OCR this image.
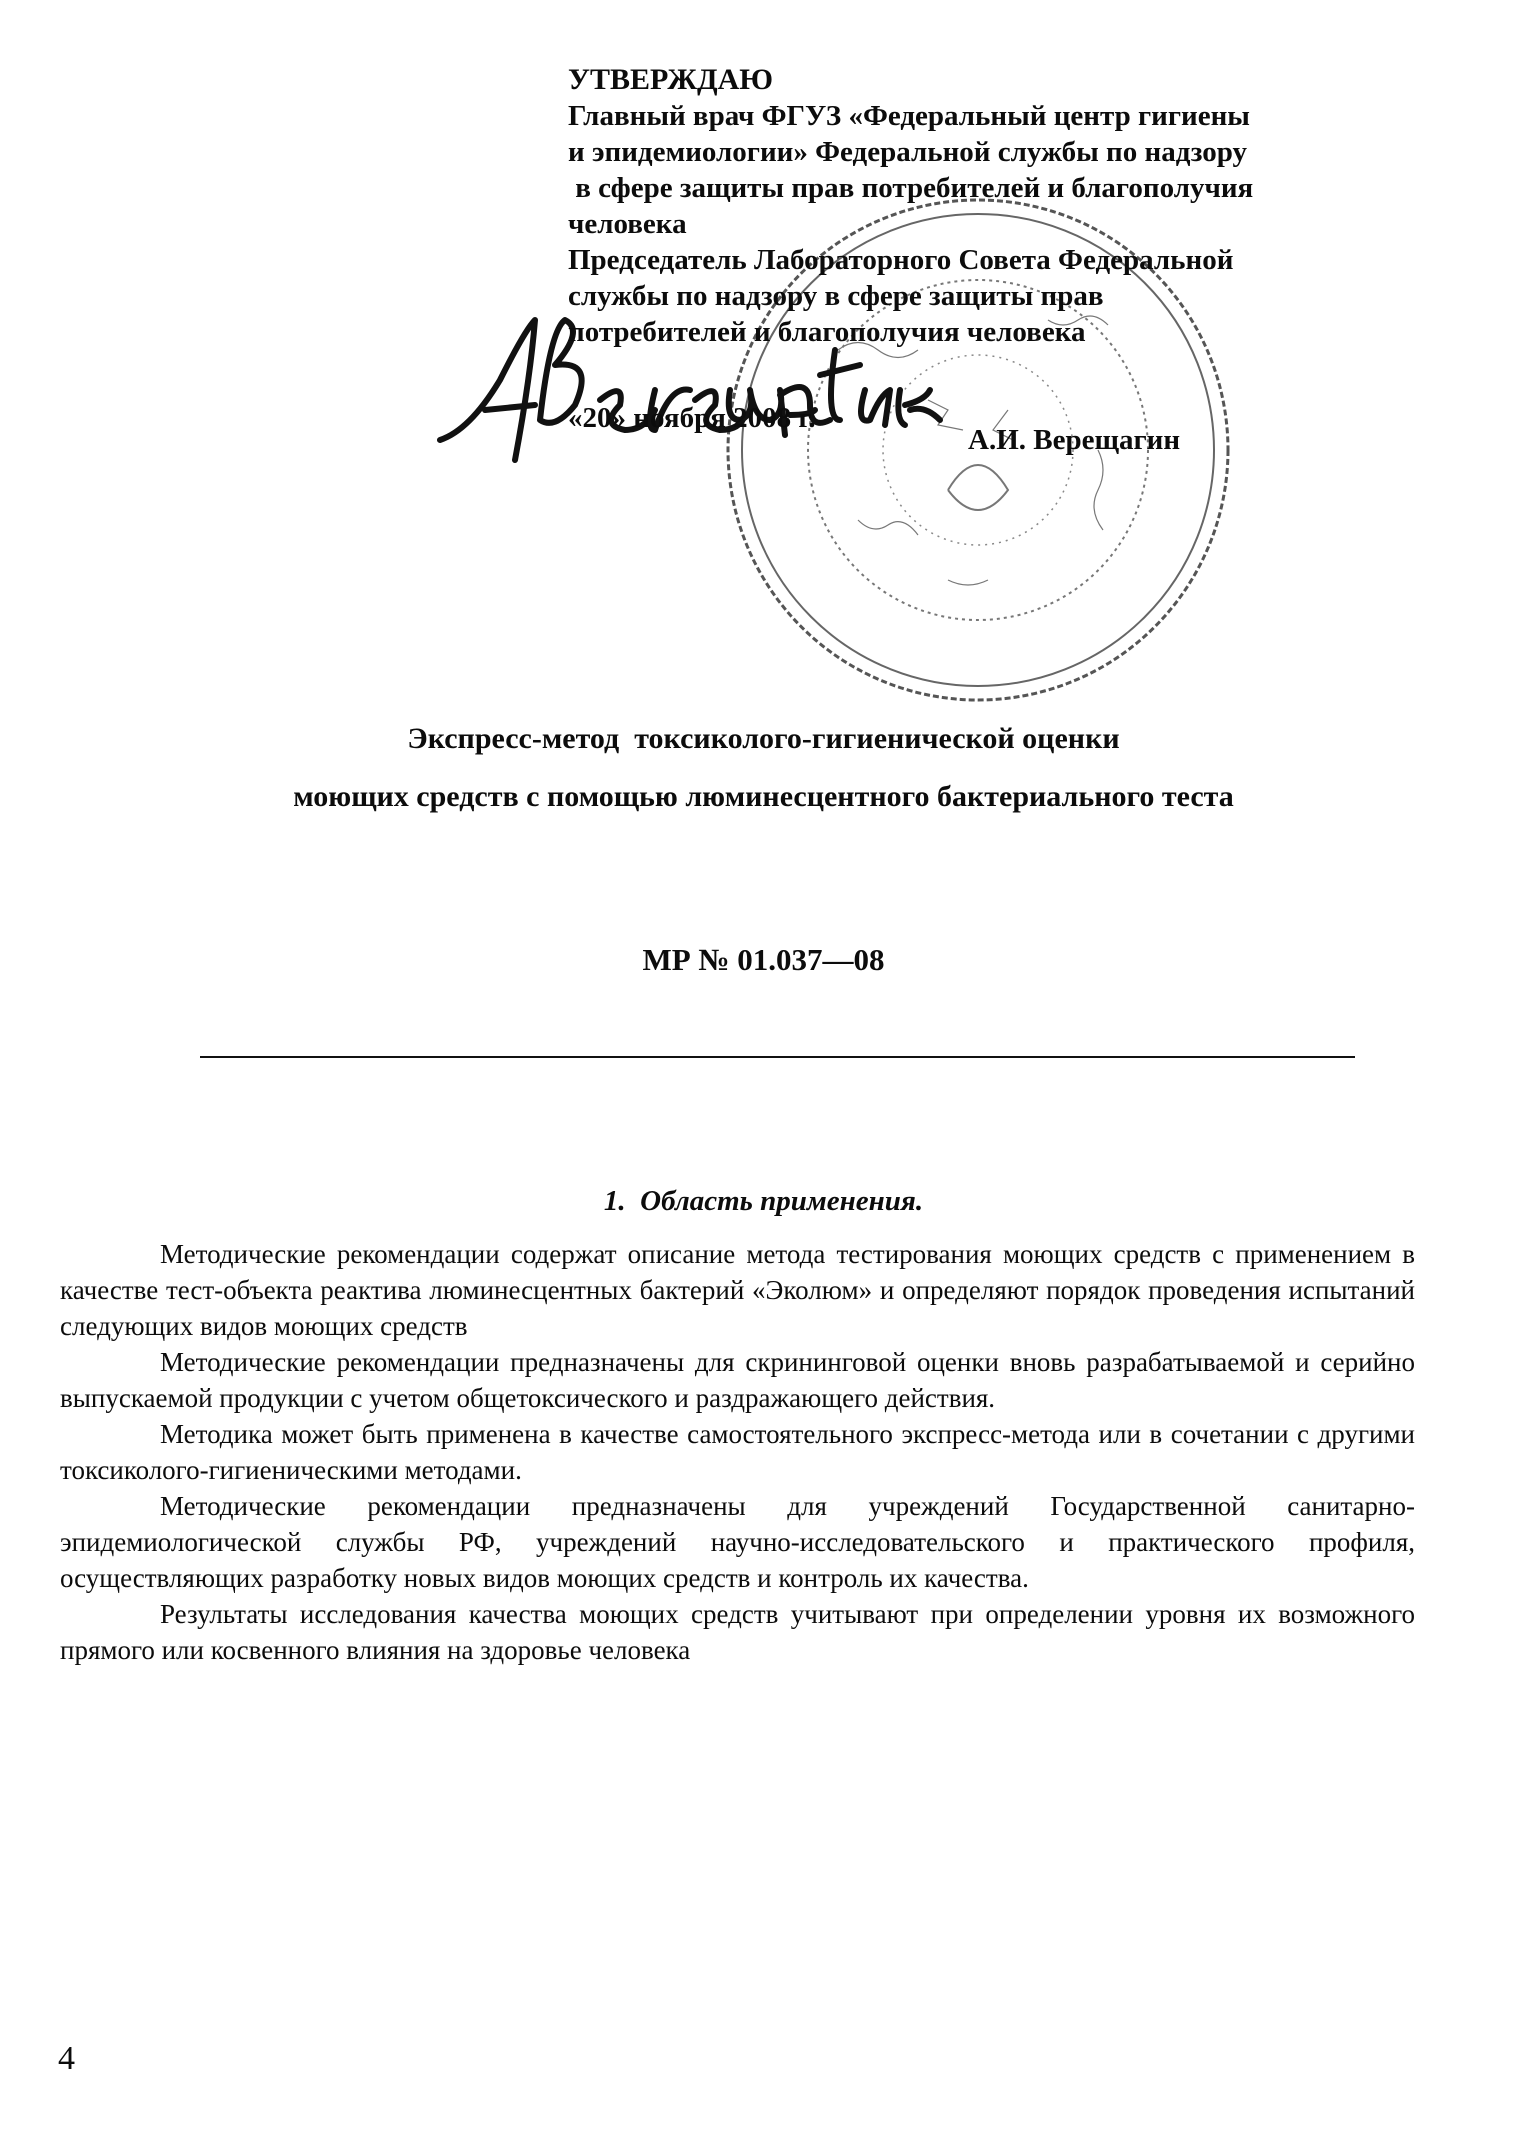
УТВЕРЖДАЮ
Главный врач ФГУЗ «Федеральный центр гигиены
и эпидемиологии» Федеральной службы по надзору
в сфере защиты прав потребителей и благополучия
человека
Председатель Лабораторного Совета Федеральной
службы по надзору в сфере защиты прав
потребителей и благополучия человека
А.И. Верещагин
«20» ноября 2008 г.
Экспресс-метод  токсиколого-гигиенической оценки
моющих средств с помощью люминесцентного бактериального теста
МР № 01.037—08
1.  Область применения.

Методические рекомендации содержат описание метода тестирования моющих средств с применением в качестве тест-объекта реактива люминесцентных бактерий «Эколюм» и определяют порядок проведения испытаний следующих видов моющих средств

Методические рекомендации предназначены для скрининговой оценки вновь разрабатываемой и серийно выпускаемой продукции с учетом общетоксического и раздражающего действия.

Методика может быть применена в качестве самостоятельного экспресс-метода или в сочетании с другими токсиколого-гигиеническими методами.

Методические рекомендации предназначены для учреждений Государственной санитарно-эпидемиологической службы РФ, учреждений научно-исследовательского и практического профиля, осуществляющих разработку новых видов моющих средств и контроль их качества.

Результаты исследования качества моющих средств учитывают при определении уровня их возможного прямого или косвенного влияния на здоровье человека

4
